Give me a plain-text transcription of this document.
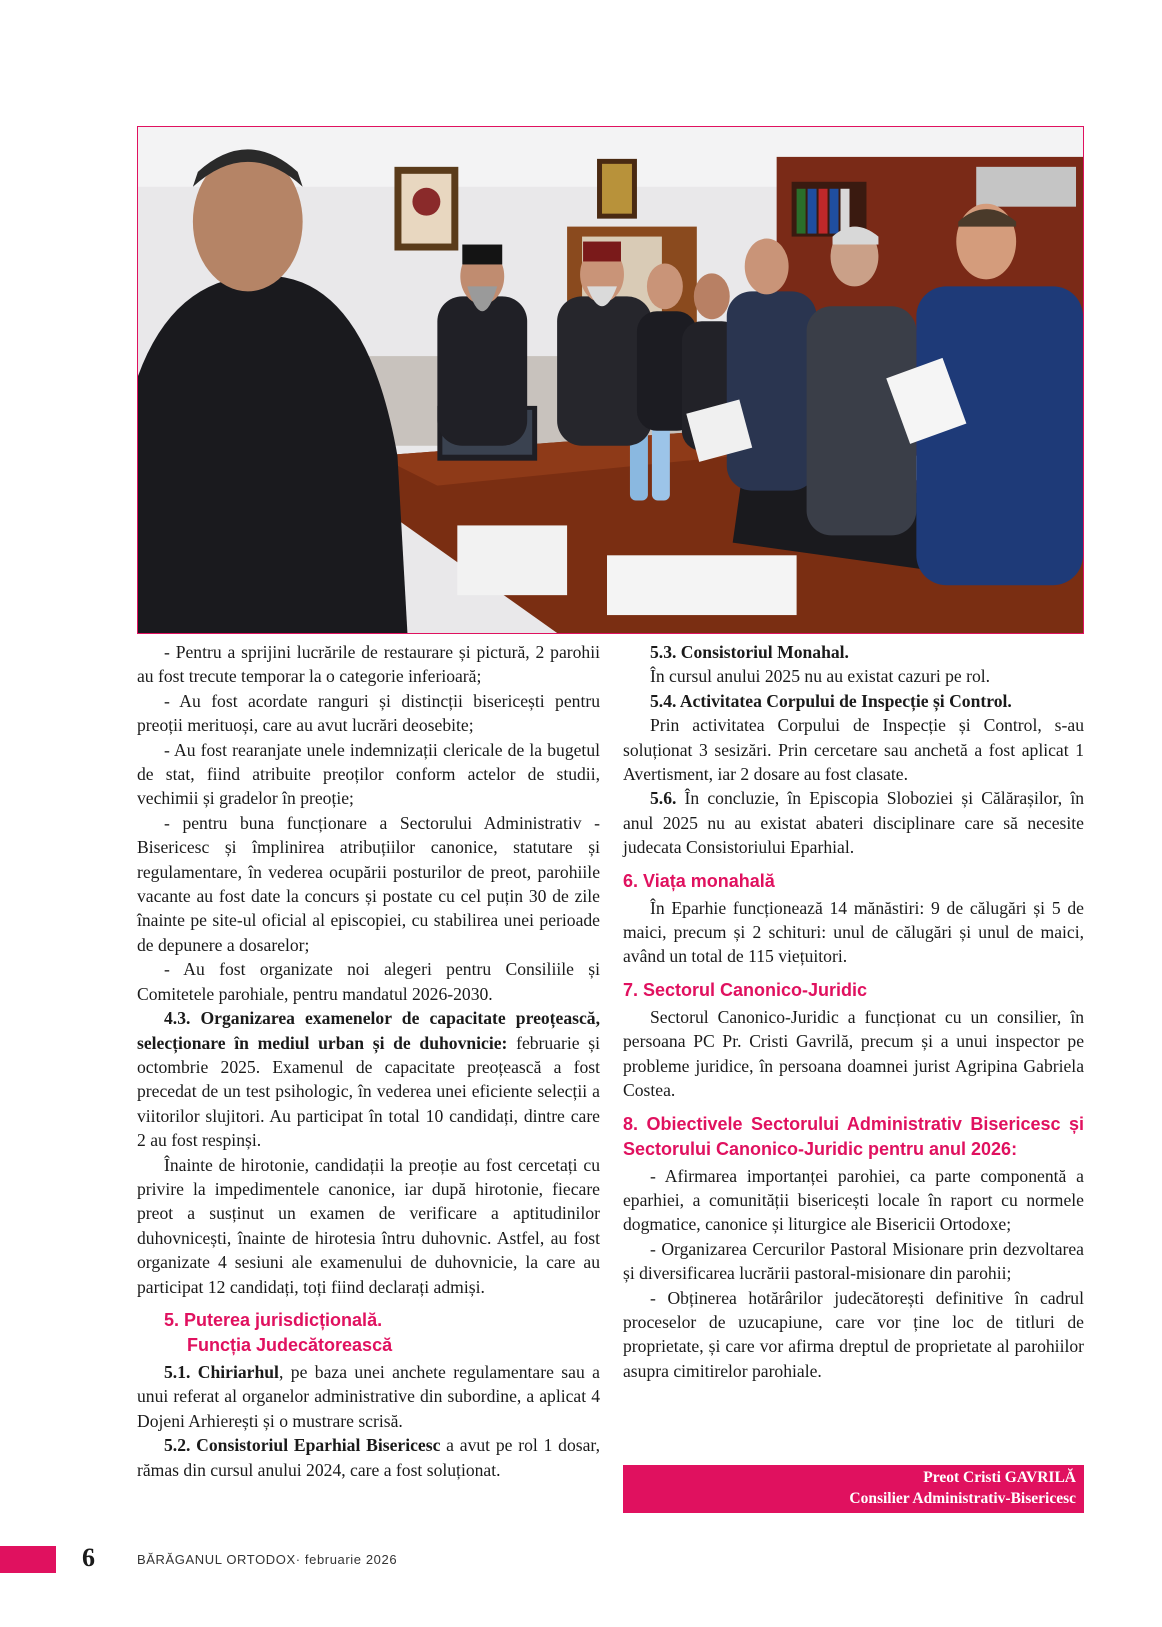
- Pentru a sprijini lucrările de restaurare și pictură, 2 parohii au fost trecute temporar la o categorie inferioară;

- Au fost acordate ranguri și distincții bisericești pentru preoții merituoși, care au avut lucrări deosebite;

- Au fost rearanjate unele indemnizații clericale de la bugetul de stat, fiind atribuite preoților conform actelor de studii, vechimii și gradelor în preoție;

- pentru buna funcționare a Sectorului Administrativ - Bisericesc și împlinirea atribuțiilor canonice, statutare și regulamentare, în vederea ocupării posturilor de preot, parohiile vacante au fost date la concurs și postate cu cel puțin 30 de zile înainte pe site-ul oficial al episcopiei, cu stabilirea unei perioade de depunere a dosarelor;

- Au fost organizate noi alegeri pentru Consiliile și Comitetele parohiale, pentru mandatul 2026-2030.

4.3. Organizarea examenelor de capacitate preoțească, selecționare în mediul urban și de duhovnicie: februarie și octombrie 2025. Examenul de capacitate preoțească a fost precedat de un test psihologic, în vederea unei eficiente selecții a viitorilor slujitori. Au participat în total 10 candidați, dintre care 2 au fost respinși.

Înainte de hirotonie, candidații la preoție au fost cercetați cu privire la impedimentele canonice, iar după hirotonie, fiecare preot a susținut un examen de verificare a aptitudinilor duhovnicești, înainte de hirotesia întru duhovnic. Astfel, au fost organizate 4 sesiuni ale examenului de duhovnicie, la care au participat 12 candidați, toți fiind declarați admiși.

5. Puterea jurisdicțională.
Funcția Judecătorească

5.1. Chiriarhul, pe baza unei anchete regulamentare sau a unui referat al organelor administrative din subordine, a aplicat 4 Dojeni Arhierești și o mustrare scrisă.

5.2. Consistoriul Eparhial Bisericesc a avut pe rol 1 dosar, rămas din cursul anului 2024, care a fost soluționat.

5.3. Consistoriul Monahal.

În cursul anului 2025 nu au existat cazuri pe rol.

5.4. Activitatea Corpului de Inspecție și Control.

Prin activitatea Corpului de Inspecție și Control, s-au soluționat 3 sesizări. Prin cercetare sau anchetă a fost aplicat 1 Avertisment, iar 2 dosare au fost clasate.

5.6. În concluzie, în Episcopia Sloboziei și Călărașilor, în anul 2025 nu au existat abateri disciplinare care să necesite judecata Consistoriului Eparhial.

6. Viața monahală

În Eparhie funcționează 14 mănăstiri: 9 de călugări și 5 de maici, precum și 2 schituri: unul de călugări și unul de maici, având un total de 115 viețuitori.

7. Sectorul Canonico-Juridic

Sectorul Canonico-Juridic a funcționat cu un consilier, în persoana PC Pr. Cristi Gavrilă, precum și a unui inspector pe probleme juridice, în persoana doamnei jurist Agripina Gabriela Costea.

8. Obiectivele Sectorului Administrativ Bisericesc și Sectorului Canonico-Juridic pentru anul 2026:

- Afirmarea importanței parohiei, ca parte componentă a eparhiei, a comunității bisericești locale în raport cu normele dogmatice, canonice și liturgice ale Bisericii Ortodoxe;

- Organizarea Cercurilor Pastoral Misionare prin dezvoltarea și diversificarea lucrării pastoral-misionare din parohii;

- Obținerea hotărârilor judecătorești definitive în cadrul proceselor de uzucapiune, care vor ține loc de titluri de proprietate, și care vor afirma dreptul de proprietate al parohiilor asupra cimitirelor parohiale.

Preot Cristi GAVRILĂ
Consilier Administrativ-Bisericesc
6	BĂRĂGANUL ORTODOX· februarie 2026
